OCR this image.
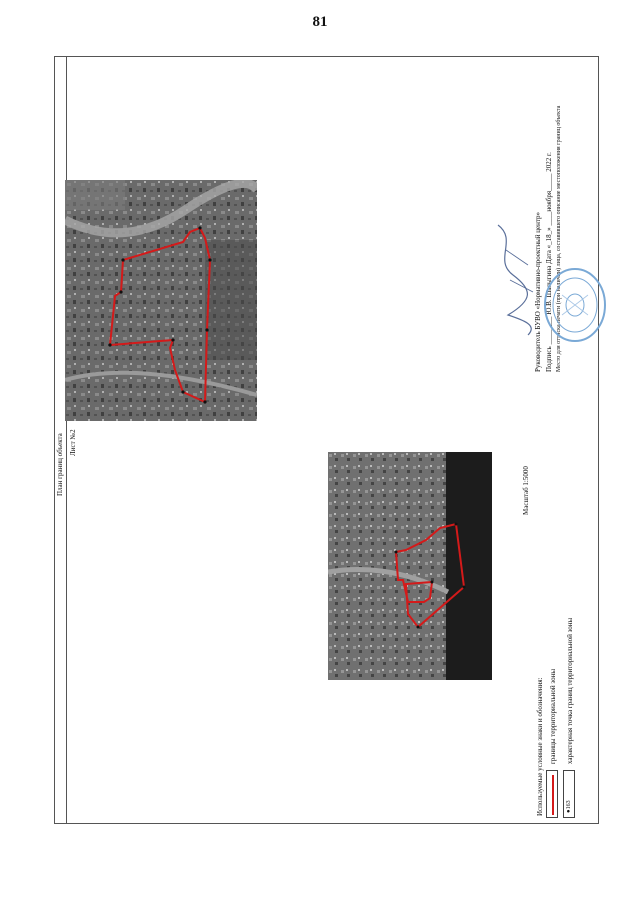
81
План границ объекта Лист №2
Масштаб 1:5000
Используемые условные знаки и обозначения: границы территориальной зоны
●163
характерная точка границ территориальной зоны
Руководитель БУВО «Нормативно-проектный центр» Подпись ________ Ю.В. Шалыгина Дата «_18_» ____ноября_____ 2022 г. Место для оттиска печати (при наличии) лица, составившего описание местоположения границ объекта
